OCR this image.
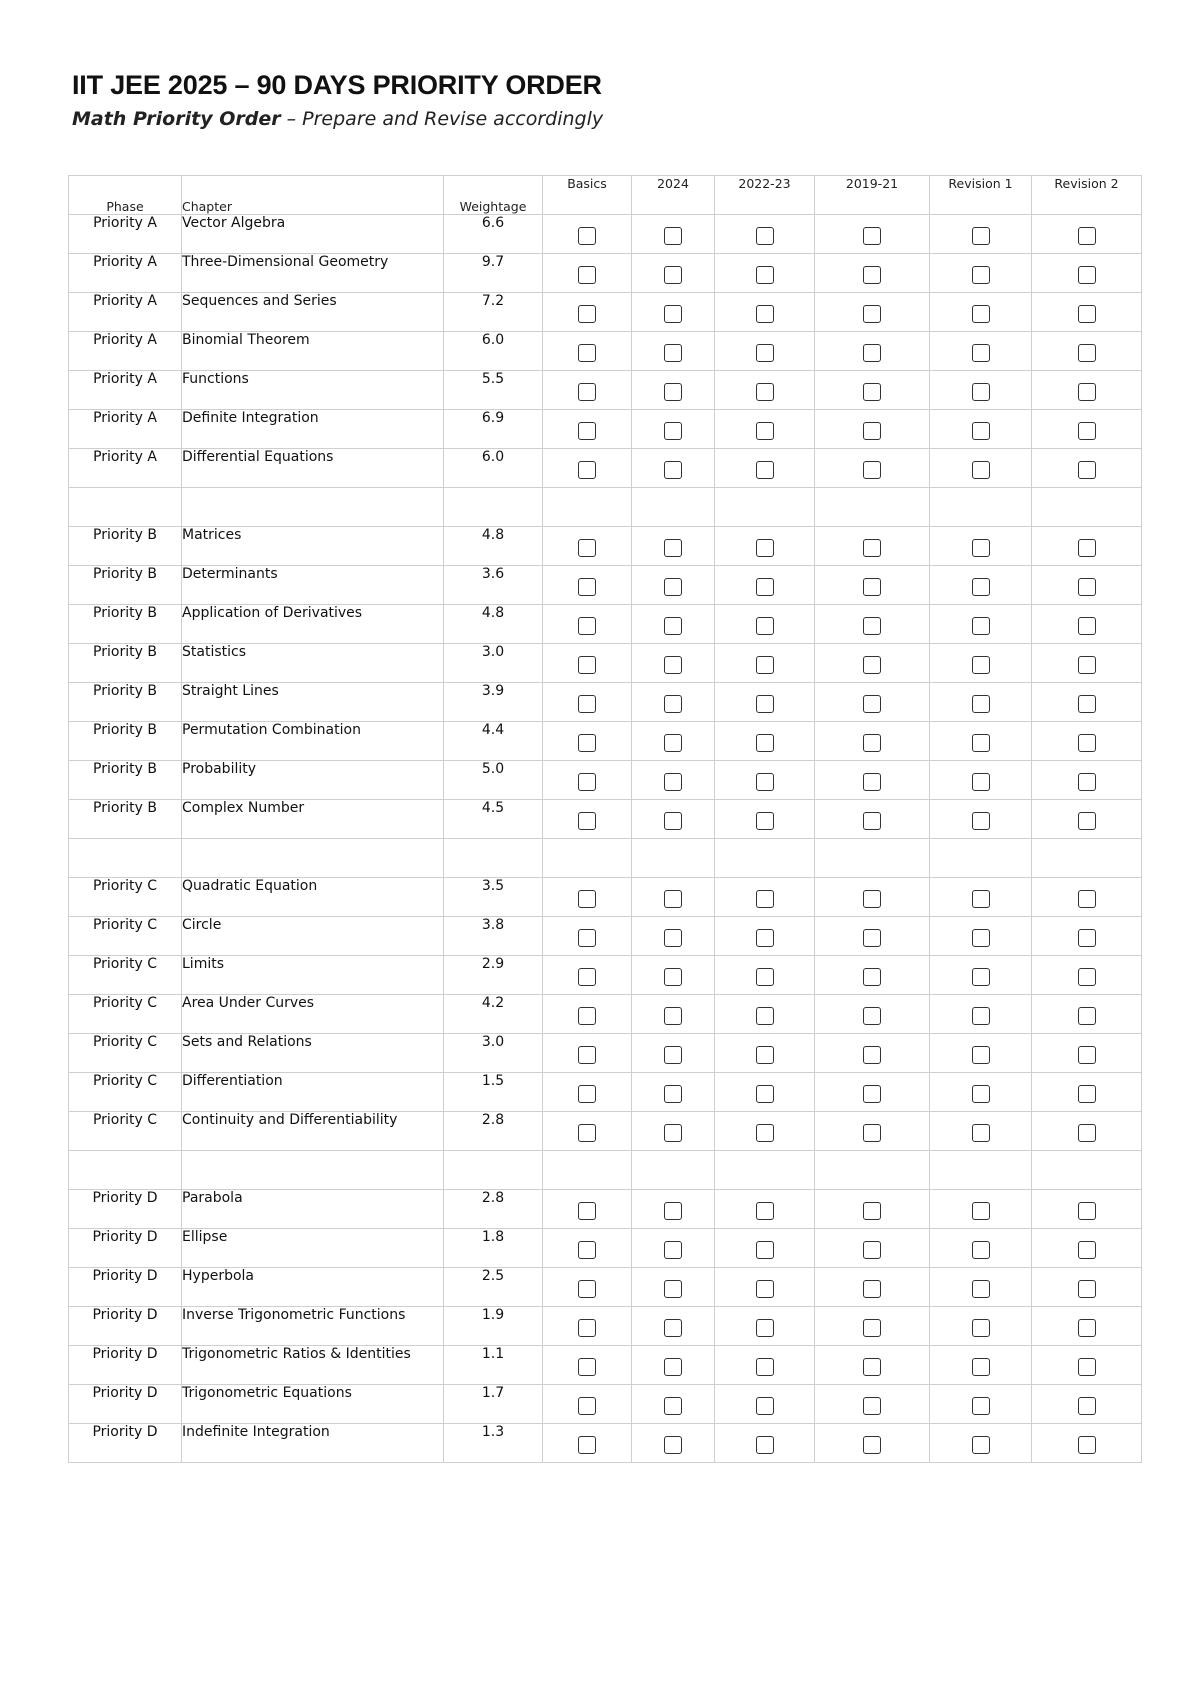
IIT JEE 2025 – 90 DAYS PRIORITY ORDER

Math Priority Order – Prepare and Revise accordingly

Phase	Chapter	Weightage	Basics	2024	2022-23	2019-21	Revision 1	Revision 2
Priority A	Vector Algebra	6.6						
Priority A	Three-Dimensional Geometry	9.7						
Priority A	Sequences and Series	7.2						
Priority A	Binomial Theorem	6.0						
Priority A	Functions	5.5						
Priority A	Definite Integration	6.9						
Priority A	Differential Equations	6.0						

Priority B	Matrices	4.8						
Priority B	Determinants	3.6						
Priority B	Application of Derivatives	4.8						
Priority B	Statistics	3.0						
Priority B	Straight Lines	3.9						
Priority B	Permutation Combination	4.4						
Priority B	Probability	5.0						
Priority B	Complex Number	4.5						

Priority C	Quadratic Equation	3.5						
Priority C	Circle	3.8						
Priority C	Limits	2.9						
Priority C	Area Under Curves	4.2						
Priority C	Sets and Relations	3.0						
Priority C	Differentiation	1.5						
Priority C	Continuity and Differentiability	2.8						

Priority D	Parabola	2.8						
Priority D	Ellipse	1.8						
Priority D	Hyperbola	2.5						
Priority D	Inverse Trigonometric Functions	1.9						
Priority D	Trigonometric Ratios & Identities	1.1						
Priority D	Trigonometric Equations	1.7						
Priority D	Indefinite Integration	1.3						
